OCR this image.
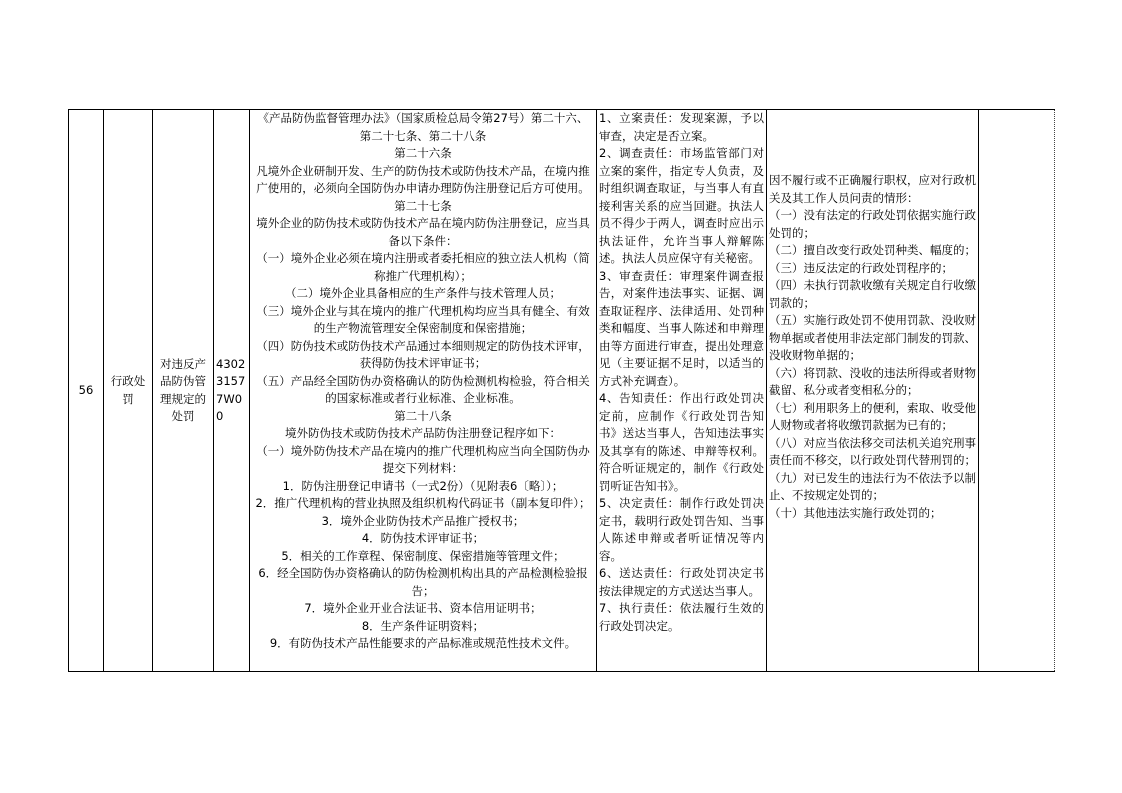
56	行政处罚	对违反产品防伪管理规定的处罚	43023157 7W00	
《产品防伪监督管理办法》（国家质检总局令第27号）第二十六、第二十七条、第二十八条
第二十六条
凡境外企业研制开发、生产的防伪技术或防伪技术产品，在境内推广使用的，必须向全国防伪办申请办理防伪注册登记后方可使用。
第二十七条
境外企业的防伪技术或防伪技术产品在境内防伪注册登记，应当具备以下条件：
（一）境外企业必须在境内注册或者委托相应的独立法人机构（简称推广代理机构）；
（二）境外企业具备相应的生产条件与技术管理人员；
（三）境外企业与其在境内的推广代理机构均应当具有健全、有效的生产物流管理安全保密制度和保密措施；
（四）防伪技术或防伪技术产品通过本细则规定的防伪技术评审，获得防伪技术评审证书；
（五）产品经全国防伪办资格确认的防伪检测机构检验，符合相关的国家标准或者行业标准、企业标准。
第二十八条
境外防伪技术或防伪技术产品防伪注册登记程序如下：
（一）境外防伪技术产品在境内的推广代理机构应当向全国防伪办提交下列材料：
1．防伪注册登记申请书（一式2份）（见附表6〔略〕）；
2．推广代理机构的营业执照及组织机构代码证书（副本复印件）；
3．境外企业防伪技术产品推广授权书；
4．防伪技术评审证书；
5．相关的工作章程、保密制度、保密措施等管理文件；
6．经全国防伪办资格确认的防伪检测机构出具的产品检测检验报告；
7．境外企业开业合法证书、资本信用证明书；
8．生产条件证明资料；
9．有防伪技术产品性能要求的产品标准或规范性技术文件。

1、立案责任：发现案源，予以审查，决定是否立案。
2、调查责任：市场监管部门对立案的案件，指定专人负责，及时组织调查取证，与当事人有直接利害关系的应当回避。执法人员不得少于两人，调查时应出示执法证件，允许当事人辩解陈述。执法人员应保守有关秘密。
3、审查责任：审理案件调查报告，对案件违法事实、证据、调查取证程序、法律适用、处罚种类和幅度、当事人陈述和申辩理由等方面进行审查，提出处理意见（主要证据不足时，以适当的方式补充调查）。
4、告知责任：作出行政处罚决定前，应制作《行政处罚告知书》送达当事人，告知违法事实及其享有的陈述、申辩等权利。符合听证规定的，制作《行政处罚听证告知书》。
5、决定责任：制作行政处罚决定书，载明行政处罚告知、当事人陈述申辩或者听证情况等内容。
6、送达责任：行政处罚决定书按法律规定的方式送达当事人。
7、执行责任：依法履行生效的行政处罚决定。

因不履行或不正确履行职权，应对行政机关及其工作人员问责的情形：
（一）没有法定的行政处罚依据实施行政处罚的；
（二）擅自改变行政处罚种类、幅度的；
（三）违反法定的行政处罚程序的；
（四）未执行罚款收缴有关规定自行收缴罚款的；
（五）实施行政处罚不使用罚款、没收财物单据或者使用非法定部门制发的罚款、没收财物单据的；
（六）将罚款、没收的违法所得或者财物截留、私分或者变相私分的；
（七）利用职务上的便利，索取、收受他人财物或者将收缴罚款据为已有的；
（八）对应当依法移交司法机关追究刑事责任而不移交，以行政处罚代替刑罚的；
（九）对已发生的违法行为不依法予以制止、不按规定处罚的；
（十）其他违法实施行政处罚的；
